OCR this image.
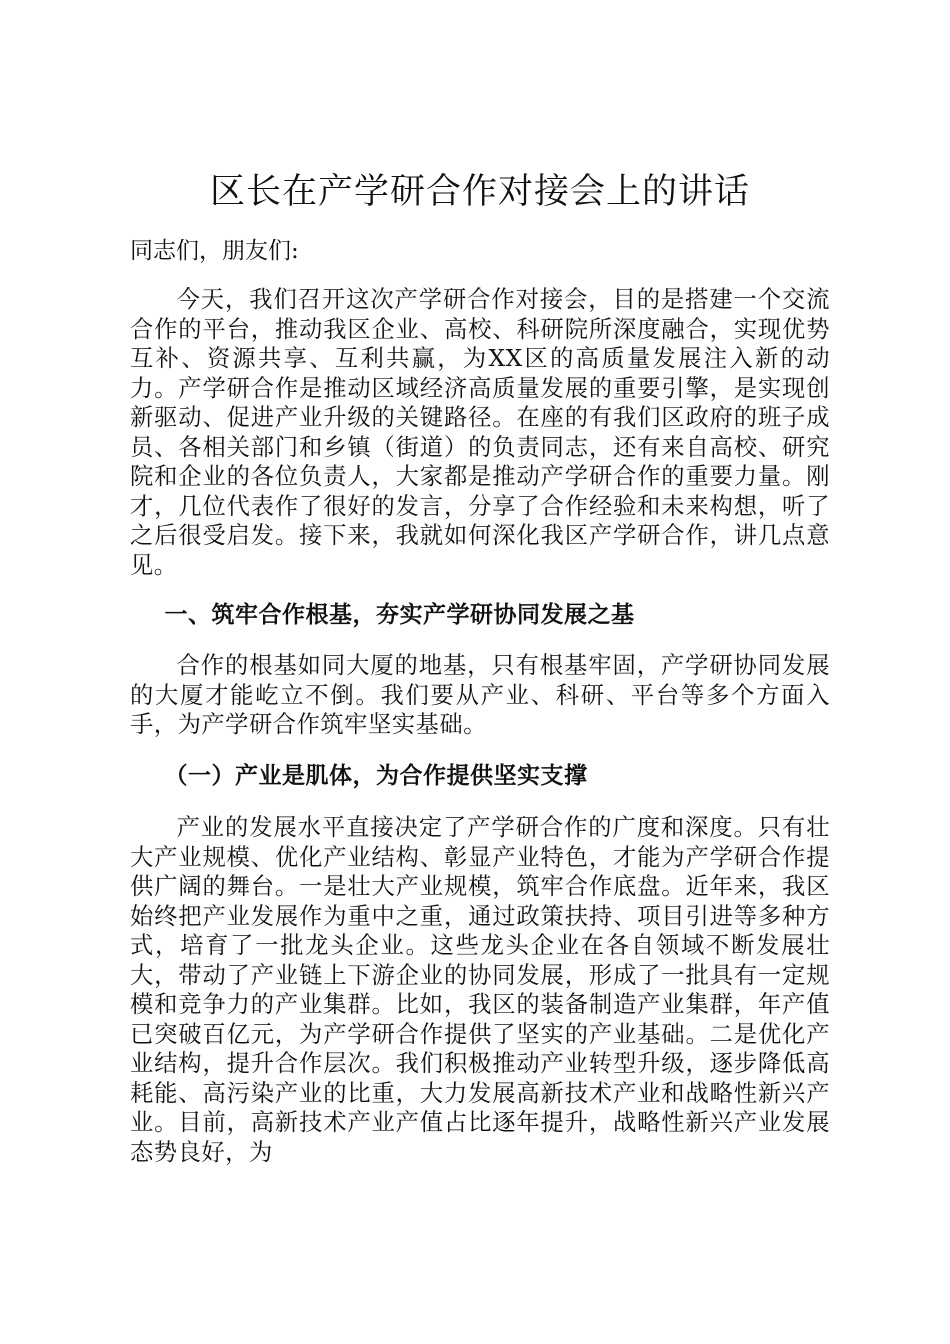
区长在产学研合作对接会上的讲话

同志们，朋友们:

今天，我们召开这次产学研合作对接会，目的是搭建一个交流合作的平台，推动我区企业、高校、科研院所深度融合，实现优势互补、资源共享、互利共赢，为XX区的高质量发展注入新的动力。产学研合作是推动区域经济高质量发展的重要引擎，是实现创新驱动、促进产业升级的关键路径。在座的有我们区政府的班子成员、各相关部门和乡镇（街道）的负责同志，还有来自高校、研究院和企业的各位负责人，大家都是推动产学研合作的重要力量。刚才，几位代表作了很好的发言，分享了合作经验和未来构想，听了之后很受启发。接下来，我就如何深化我区产学研合作，讲几点意见。

一、筑牢合作根基，夯实产学研协同发展之基

合作的根基如同大厦的地基，只有根基牢固，产学研协同发展的大厦才能屹立不倒。我们要从产业、科研、平台等多个方面入手，为产学研合作筑牢坚实基础。

（一）产业是肌体，为合作提供坚实支撑

产业的发展水平直接决定了产学研合作的广度和深度。只有壮大产业规模、优化产业结构、彰显产业特色，才能为产学研合作提供广阔的舞台。一是壮大产业规模，筑牢合作底盘。近年来，我区始终把产业发展作为重中之重，通过政策扶持、项目引进等多种方式，培育了一批龙头企业。这些龙头企业在各自领域不断发展壮大，带动了产业链上下游企业的协同发展，形成了一批具有一定规模和竞争力的产业集群。比如，我区的装备制造产业集群，年产值已突破百亿元，为产学研合作提供了坚实的产业基础。二是优化产业结构，提升合作层次。我们积极推动产业转型升级，逐步降低高耗能、高污染产业的比重，大力发展高新技术产业和战略性新兴产业。目前，高新技术产业产值占比逐年提升，战略性新兴产业发展态势良好，为
